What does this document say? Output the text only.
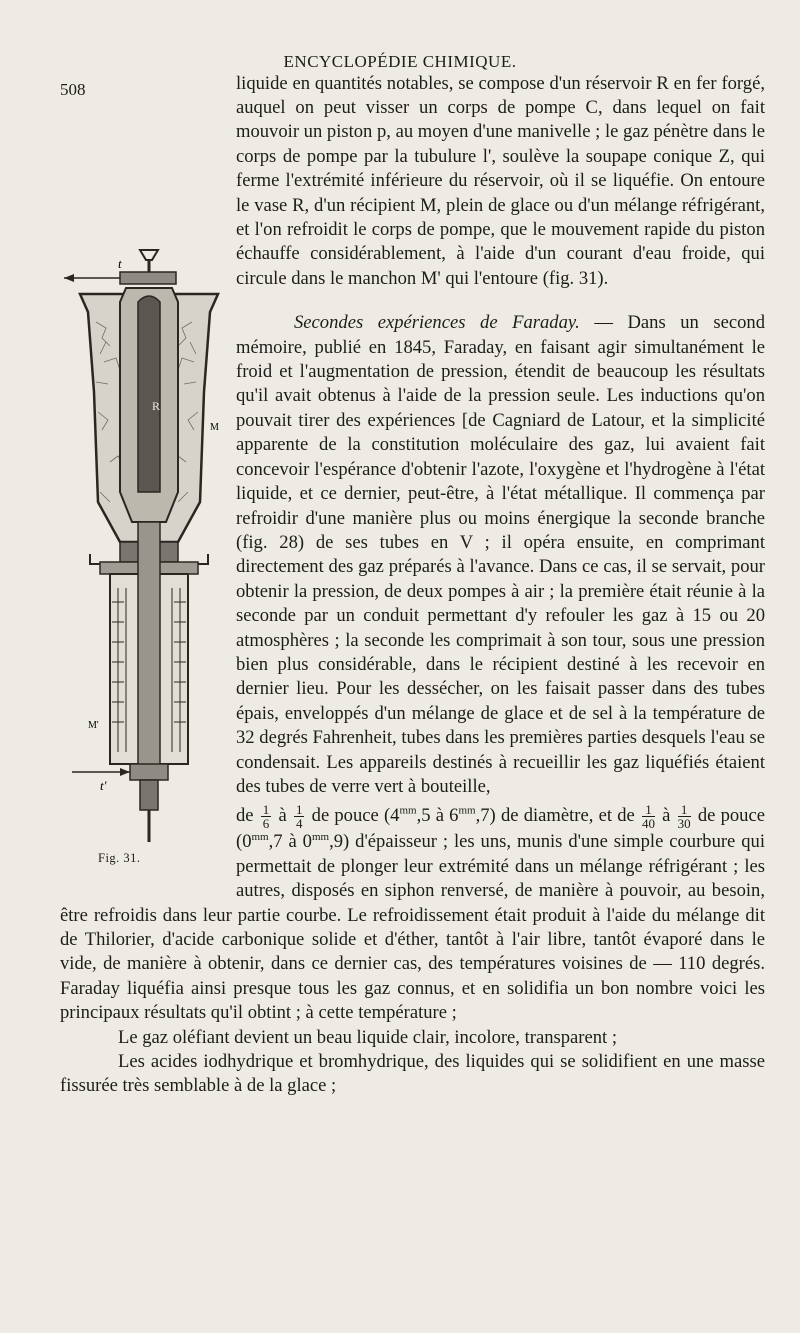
508
ENCYCLOPÉDIE CHIMIQUE.

t
R
M
M'
t'
Fig. 31.

liquide en quantités notables, se compose d'un réservoir R en fer forgé, auquel on peut visser un corps de pompe C, dans lequel on fait mouvoir un piston p, au moyen d'une manivelle ; le gaz pénètre dans le corps de pompe par la tubulure l', soulève la soupape conique Z, qui ferme l'extrémité inférieure du réservoir, où il se liquéfie. On entoure le vase R, d'un récipient M, plein de glace ou d'un mélange réfrigérant, et l'on refroidit le corps de pompe, que le mouvement rapide du piston échauffe considérablement, à l'aide d'un courant d'eau froide, qui circule dans le manchon M' qui l'entoure (fig. 31).

Secondes expériences de Faraday. — Dans un second mémoire, publié en 1845, Faraday, en faisant agir simultanément le froid et l'augmentation de pression, étendit de beaucoup les résultats qu'il avait obtenus à l'aide de la pression seule. Les inductions qu'on pouvait tirer des expériences [de Cagniard de Latour, et la simplicité apparente de la constitution moléculaire des gaz, lui avaient fait concevoir l'espérance d'obtenir l'azote, l'oxygène et l'hydrogène à l'état liquide, et ce dernier, peut-être, à l'état métallique. Il commença par refroidir d'une manière plus ou moins énergique la seconde branche (fig. 28) de ses tubes en V ; il opéra ensuite, en comprimant directement des gaz préparés à l'avance. Dans ce cas, il se servait, pour obtenir la pression, de deux pompes à air ; la première était réunie à la seconde par un conduit permettant d'y refouler les gaz à 15 ou 20 atmosphères ; la seconde les comprimait à son tour, sous une pression bien plus considérable, dans le récipient destiné à les recevoir en dernier lieu. Pour les dessécher, on les faisait passer dans des tubes épais, enveloppés d'un mélange de glace et de sel à la température de 32 degrés Fahrenheit, tubes dans les premières parties desquels l'eau se condensait. Les appareils destinés à recueillir les gaz liquéfiés étaient des tubes de verre vert à bouteille,

de $\frac{1}{6}$ à $\frac{1}{4}$ de pouce ($4^{mm},5$ à $6^{mm},7$) de diamètre, et de $\frac{1}{40}$ à $\frac{1}{30}$ de pouce ($0^{mm},7$ à $0^{mm},9$) d'épaisseur ; les uns, munis d'une simple courbure qui permettait de plonger leur extrémité dans un mélange réfrigérant ; les autres, disposés en siphon renversé, de manière à pouvoir, au besoin, être refroidis dans leur partie courbe. Le refroidissement était produit à l'aide du mélange dit de Thilorier, d'acide carbonique solide et d'éther, tantôt à l'air libre, tantôt évaporé dans le vide, de manière à obtenir, dans ce dernier cas, des températures voisines de — 110 degrés. Faraday liquéfia ainsi presque tous les gaz connus, et en solidifia un bon nombre voici les principaux résultats qu'il obtint ; à cette température ;

Le gaz oléfiant devient un beau liquide clair, incolore, transparent ;

Les acides iodhydrique et bromhydrique, des liquides qui se solidifient en une masse fissurée très semblable à de la glace ;
